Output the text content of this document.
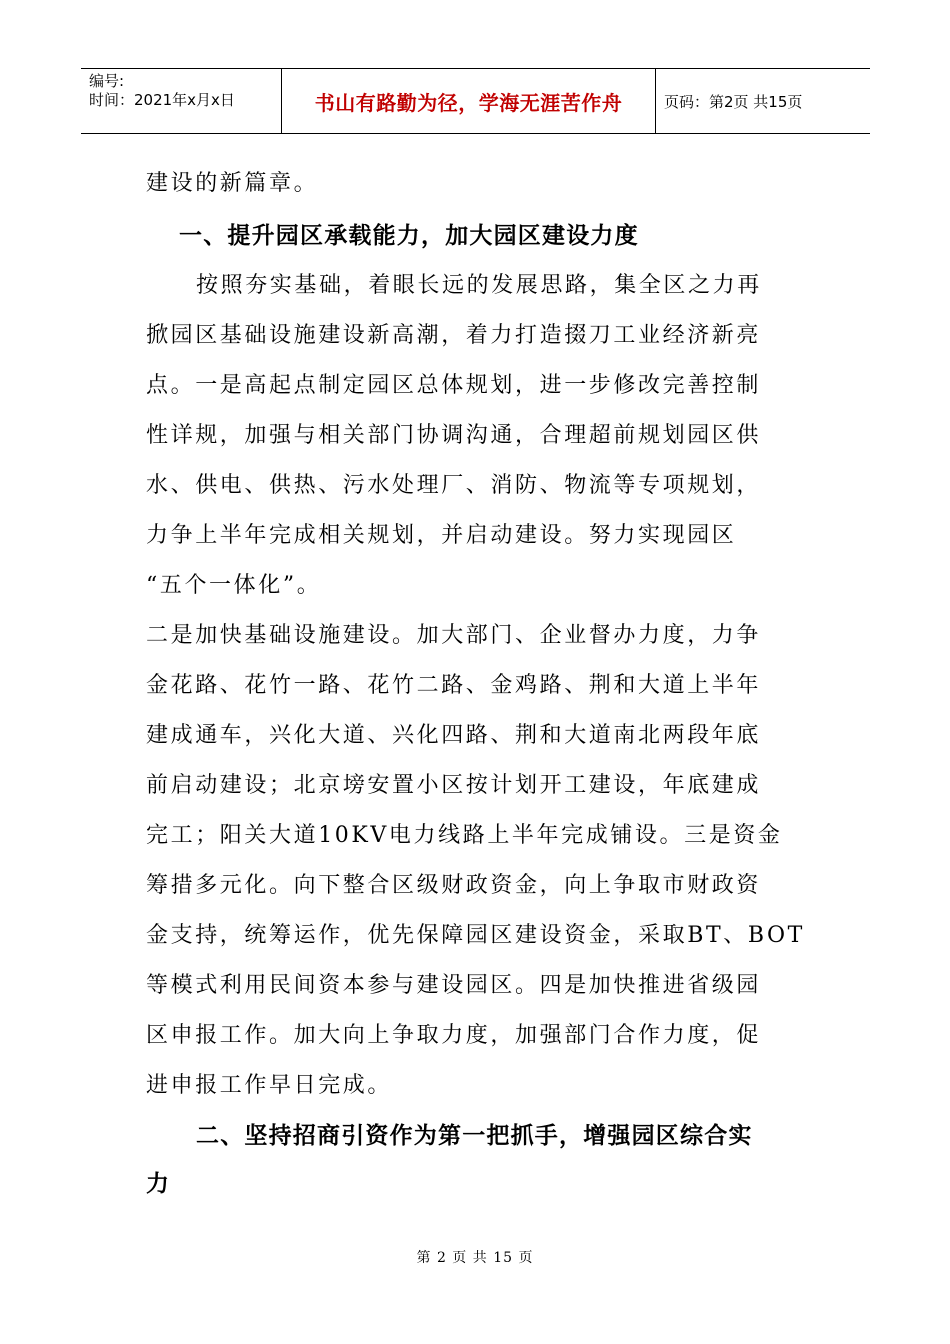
编号:
时间：2021年x月x日	书山有路勤为径，学海无涯苦作舟	页码：第2页 共15页
建设的新篇章。
一、提升园区承载能力，加大园区建设力度
按照夯实基础，着眼长远的发展思路，集全区之力再
掀园区基础设施建设新高潮，着力打造掇刀工业经济新亮
点。一是高起点制定园区总体规划，进一步修改完善控制
性详规，加强与相关部门协调沟通，合理超前规划园区供
水、供电、供热、污水处理厂、消防、物流等专项规划，
力争上半年完成相关规划，并启动建设。努力实现园区
“五个一体化”。
二是加快基础设施建设。加大部门、企业督办力度，力争
金花路、花竹一路、花竹二路、金鸡路、荆和大道上半年
建成通车，兴化大道、兴化四路、荆和大道南北两段年底
前启动建设；北京塝安置小区按计划开工建设，年底建成
完工；阳关大道10KV电力线路上半年完成铺设。三是资金
筹措多元化。向下整合区级财政资金，向上争取市财政资
金支持，统筹运作，优先保障园区建设资金，采取BT、BOT
等模式利用民间资本参与建设园区。四是加快推进省级园
区申报工作。加大向上争取力度，加强部门合作力度，促
进申报工作早日完成。
二、坚持招商引资作为第一把抓手，增强园区综合实
力
第 2 页 共 15 页
